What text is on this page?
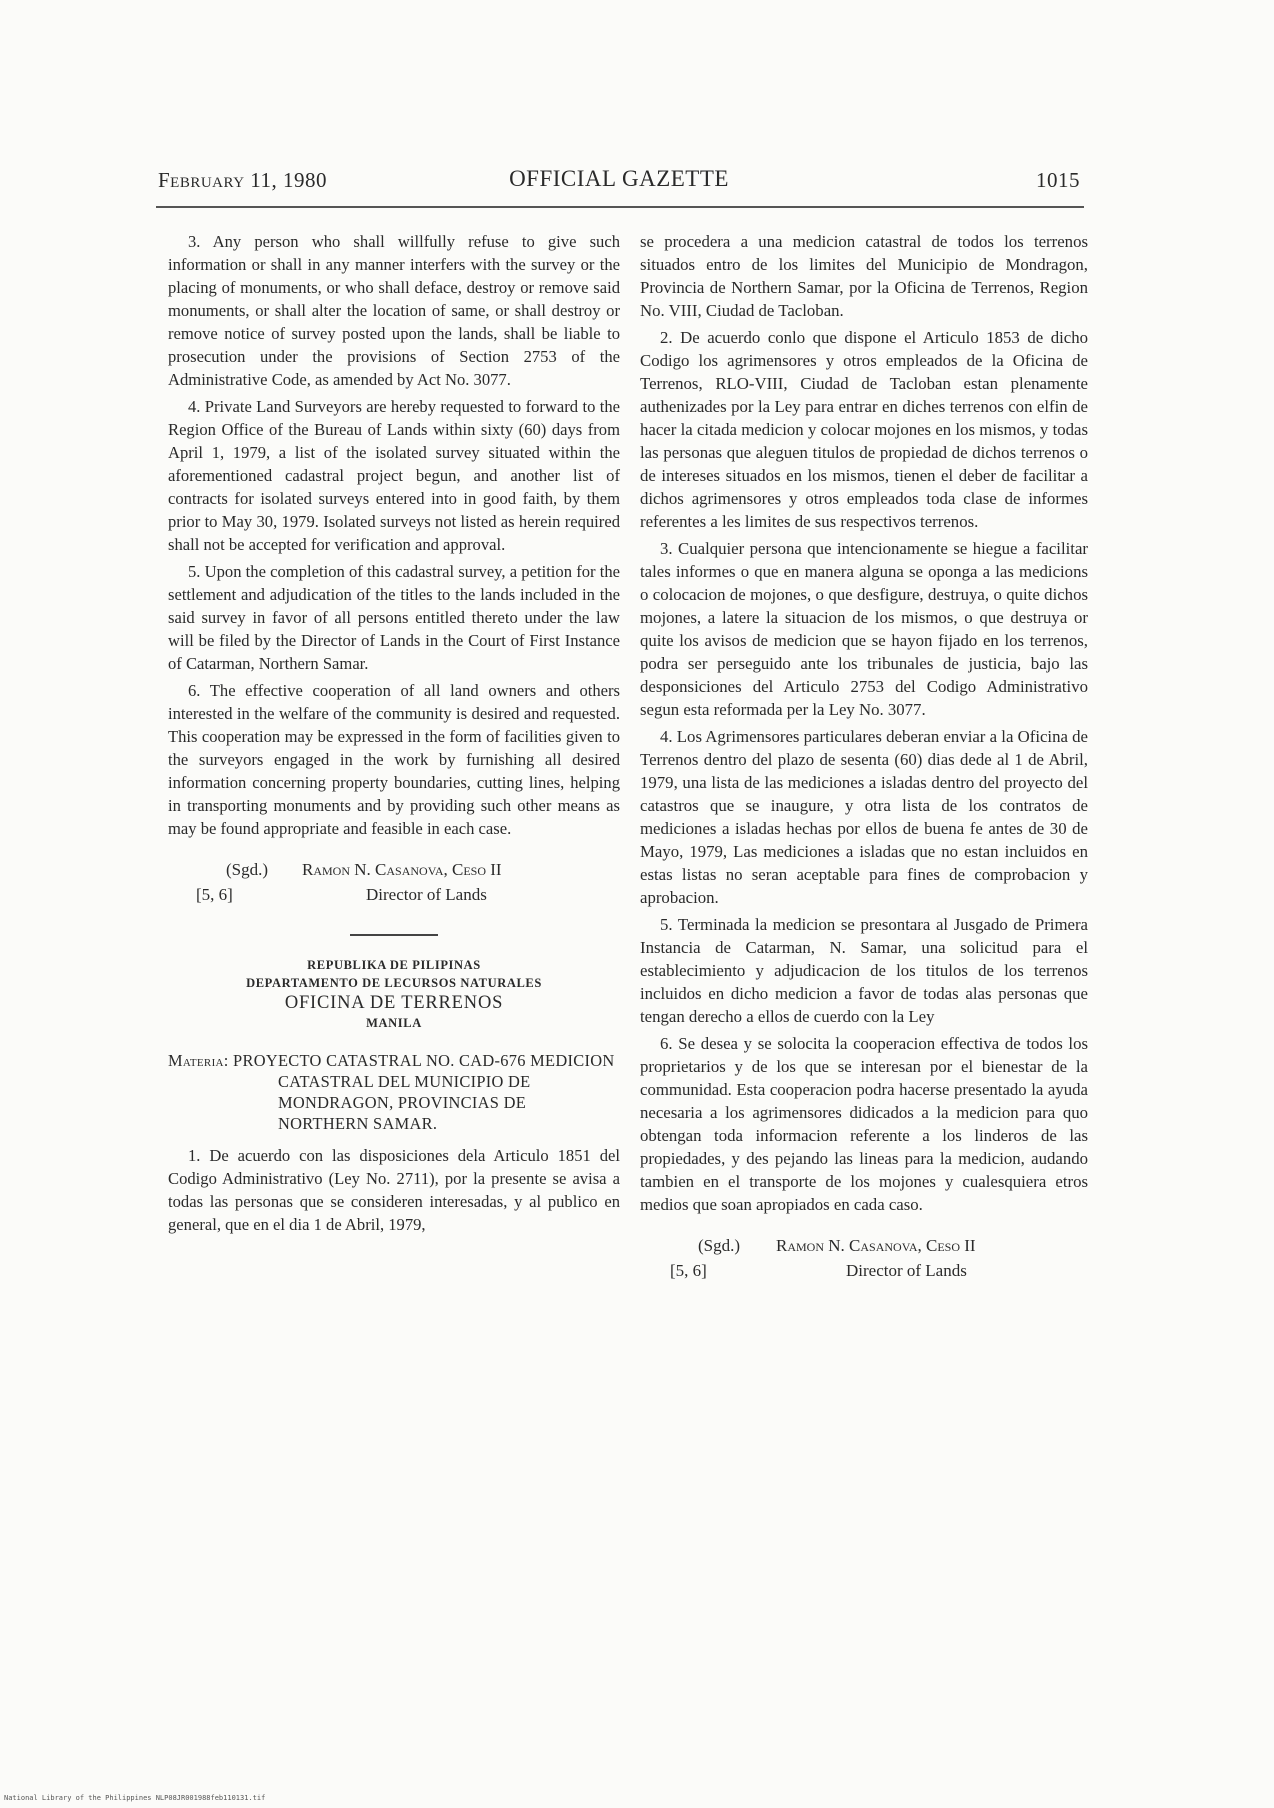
February 11, 1980	OFFICIAL GAZETTE	1015

3. Any person who shall willfully refuse to give such information or shall in any manner interfers with the survey or the placing of monuments, or who shall deface, destroy or remove said monuments, or shall alter the location of same, or shall destroy or remove notice of survey posted upon the lands, shall be liable to prosecution under the provisions of Section 2753 of the Administrative Code, as amended by Act No. 3077.

4. Private Land Surveyors are hereby requested to forward to the Region Office of the Bureau of Lands within sixty (60) days from April 1, 1979, a list of the isolated survey situated within the aforementioned cadastral project begun, and another list of contracts for isolated surveys entered into in good faith, by them prior to May 30, 1979. Isolated surveys not listed as herein required shall not be accepted for verification and approval.

5. Upon the completion of this cadastral survey, a petition for the settlement and adjudication of the titles to the lands included in the said survey in favor of all persons entitled thereto under the law will be filed by the Director of Lands in the Court of First Instance of Catarman, Northern Samar.

6. The effective cooperation of all land owners and others interested in the welfare of the community is desired and requested. This cooperation may be expressed in the form of facilities given to the surveyors engaged in the work by furnishing all desired information concerning property boundaries, cutting lines, helping in transporting monuments and by providing such other means as may be found appropriate and feasible in each case.

(Sgd.) Ramon N. Casanova, Ceso II
[5, 6]	Director of Lands
REPUBLIKA DE PILIPINAS
DEPARTAMENTO DE LECURSOS NATURALES
OFICINA DE TERRENOS
MANILA
Materia: PROYECTO CATASTRAL NO. CAD-676 MEDICION CATASTRAL DEL MUNICIPIO DE MONDRAGON, PROVINCIAS DE NORTHERN SAMAR.

1. De acuerdo con las disposiciones dela Articulo 1851 del Codigo Administrativo (Ley No. 2711), por la presente se avisa a todas las personas que se consideren interesadas, y al publico en general, que en el dia 1 de Abril, 1979,

se procedera a una medicion catastral de todos los terrenos situados entro de los limites del Municipio de Mondragon, Provincia de Northern Samar, por la Oficina de Terrenos, Region No. VIII, Ciudad de Tacloban.

2. De acuerdo conlo que dispone el Articulo 1853 de dicho Codigo los agrimensores y otros empleados de la Oficina de Terrenos, RLO-VIII, Ciudad de Tacloban estan plenamente authenizades por la Ley para entrar en diches terrenos con elfin de hacer la citada medicion y colocar mojones en los mismos, y todas las personas que aleguen titulos de propiedad de dichos terrenos o de intereses situados en los mismos, tienen el deber de facilitar a dichos agrimensores y otros empleados toda clase de informes referentes a les limites de sus respectivos terrenos.

3. Cualquier persona que intencionamente se hiegue a facilitar tales informes o que en manera alguna se oponga a las medicions o colocacion de mojones, o que desfigure, destruya, o quite dichos mojones, a latere la situacion de los mismos, o que destruya or quite los avisos de medicion que se hayon fijado en los terrenos, podra ser perseguido ante los tribunales de justicia, bajo las desponsiciones del Articulo 2753 del Codigo Administrativo segun esta reformada per la Ley No. 3077.

4. Los Agrimensores particulares deberan enviar a la Oficina de Terrenos dentro del plazo de sesenta (60) dias dede al 1 de Abril, 1979, una lista de las mediciones a isladas dentro del proyecto del catastros que se inaugure, y otra lista de los contratos de mediciones a isladas hechas por ellos de buena fe antes de 30 de Mayo, 1979, Las mediciones a isladas que no estan incluidos en estas listas no seran aceptable para fines de comprobacion y aprobacion.

5. Terminada la medicion se presontara al Jusgado de Primera Instancia de Catarman, N. Samar, una solicitud para el establecimiento y adjudicacion de los titulos de los terrenos incluidos en dicho medicion a favor de todas alas personas que tengan derecho a ellos de cuerdo con la Ley

6. Se desea y se solocita la cooperacion effectiva de todos los proprietarios y de los que se interesan por el bienestar de la communidad. Esta cooperacion podra hacerse presentado la ayuda necesaria a los agrimensores didicados a la medicion para quo obtengan toda informacion referente a los linderos de las propiedades, y des pejando las lineas para la medicion, audando tambien en el transporte de los mojones y cualesquiera etros medios que soan apropiados en cada caso.

(Sgd.) Ramon N. Casanova, Ceso II
[5, 6]	Director of Lands
National Library of the Philippines NLP08JR001988feb110131.tif
